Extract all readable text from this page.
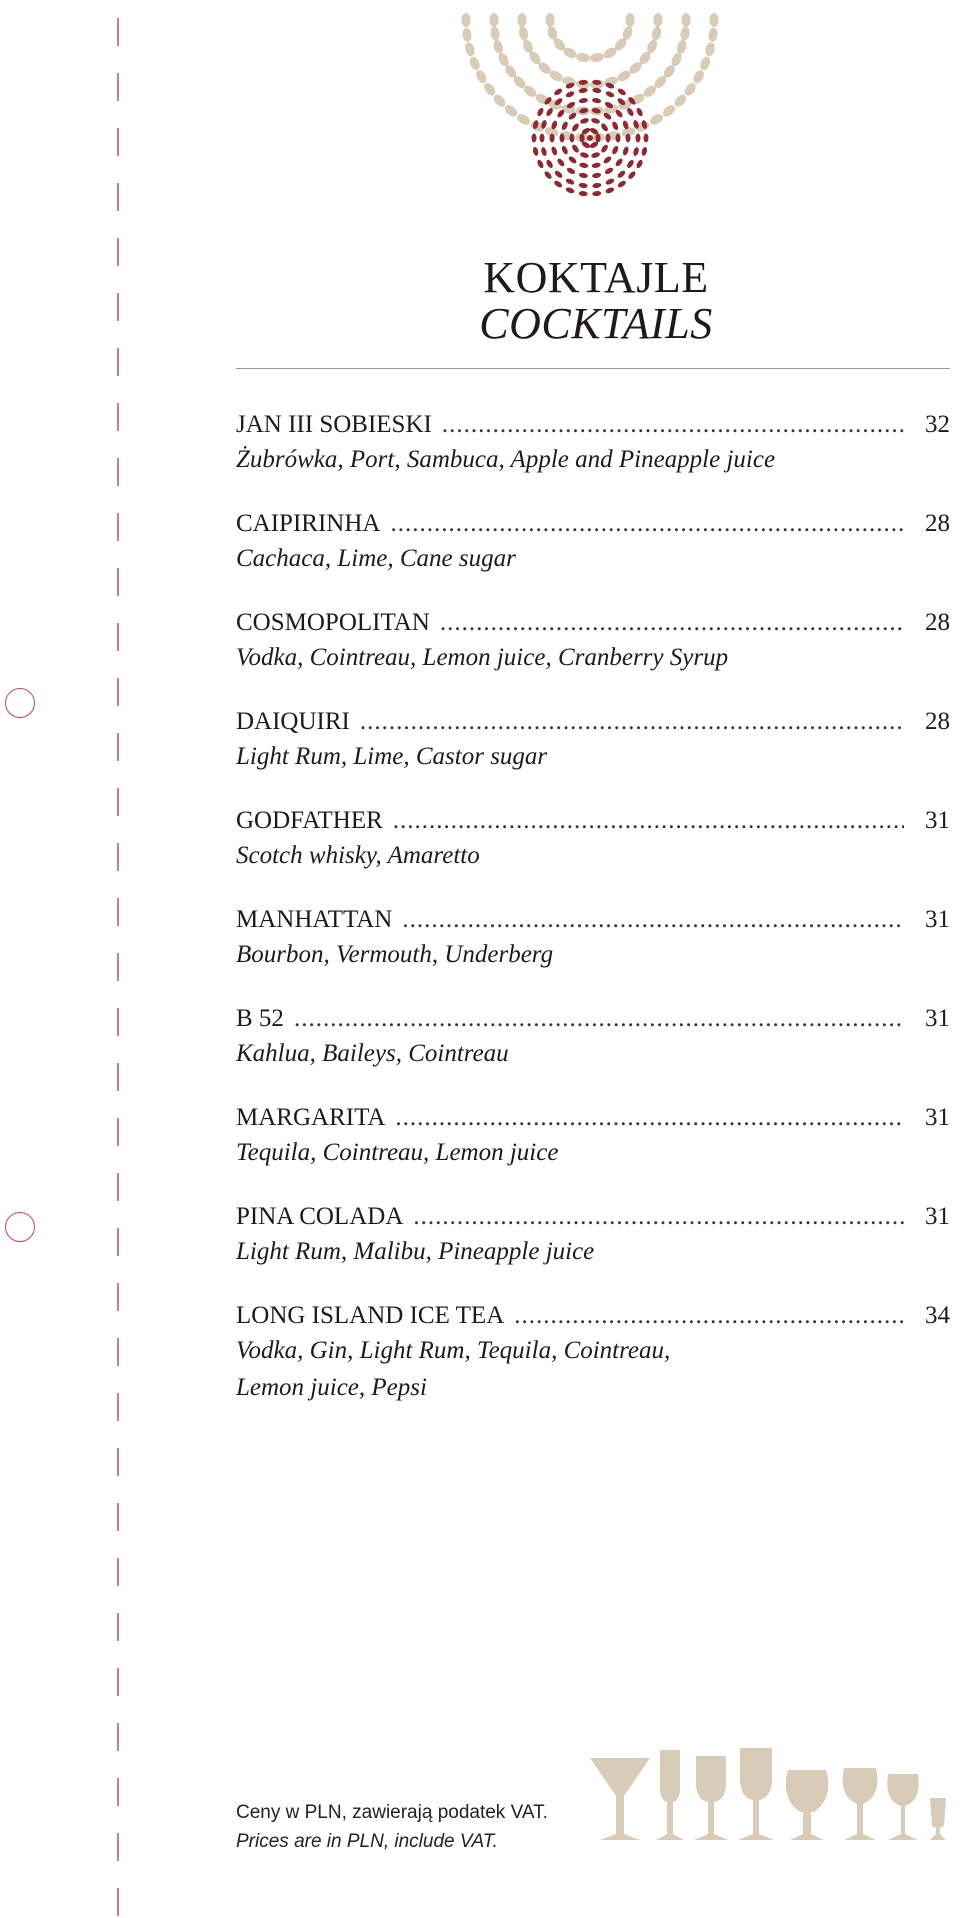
KOKTAJLE
COCKTAILS
JAN III SOBIESKI .....	32
Żubrówka, Port, Sambuca, Apple and Pineapple juice
CAIPIRINHA .....	28
Cachaca, Lime, Cane sugar
COSMOPOLITAN .....	28
Vodka, Cointreau, Lemon juice, Cranberry Syrup
DAIQUIRI .....	28
Light Rum, Lime, Castor sugar
GODFATHER .....	31
Scotch whisky, Amaretto
MANHATTAN .....	31
Bourbon, Vermouth, Underberg
B 52 .....	31
Kahlua, Baileys, Cointreau
MARGARITA .....	31
Tequila, Cointreau, Lemon juice
PINA COLADA .....	31
Light Rum, Malibu, Pineapple juice
LONG ISLAND ICE TEA .....	34
Vodka, Gin, Light Rum, Tequila, Cointreau,
Lemon juice, Pepsi
Ceny w PLN, zawierają podatek VAT.
Prices are in PLN, include VAT.
